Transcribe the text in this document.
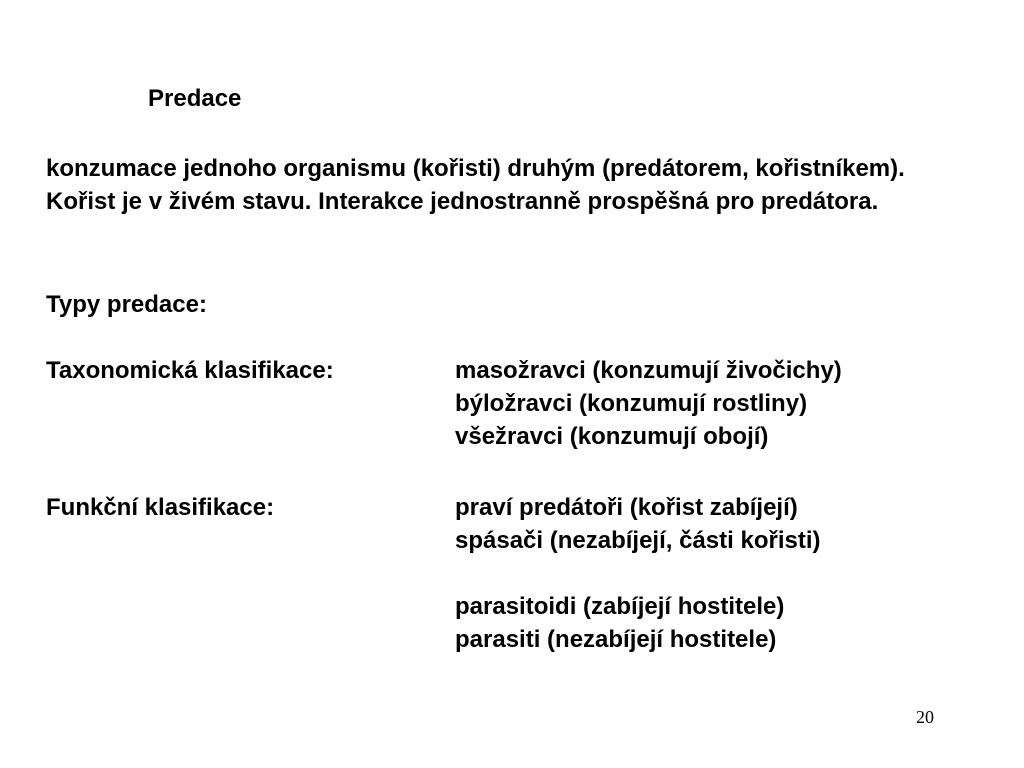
Predace

konzumace jednoho organismu (kořisti) druhým (predátorem, kořistníkem). Kořist je v živém stavu. Interakce jednostranně prospěšná pro predátora.

Typy predace:

Taxonomická klasifikace:	masožravci (konzumují živočichy)
býložravci (konzumují rostliny)
všežravci (konzumují obojí)

Funkční klasifikace:	praví predátoři (kořist zabíjejí)
spásači (nezabíjejí, části kořisti)
parasitoidi (zabíjejí hostitele)
parasiti (nezabíjejí hostitele)
20
